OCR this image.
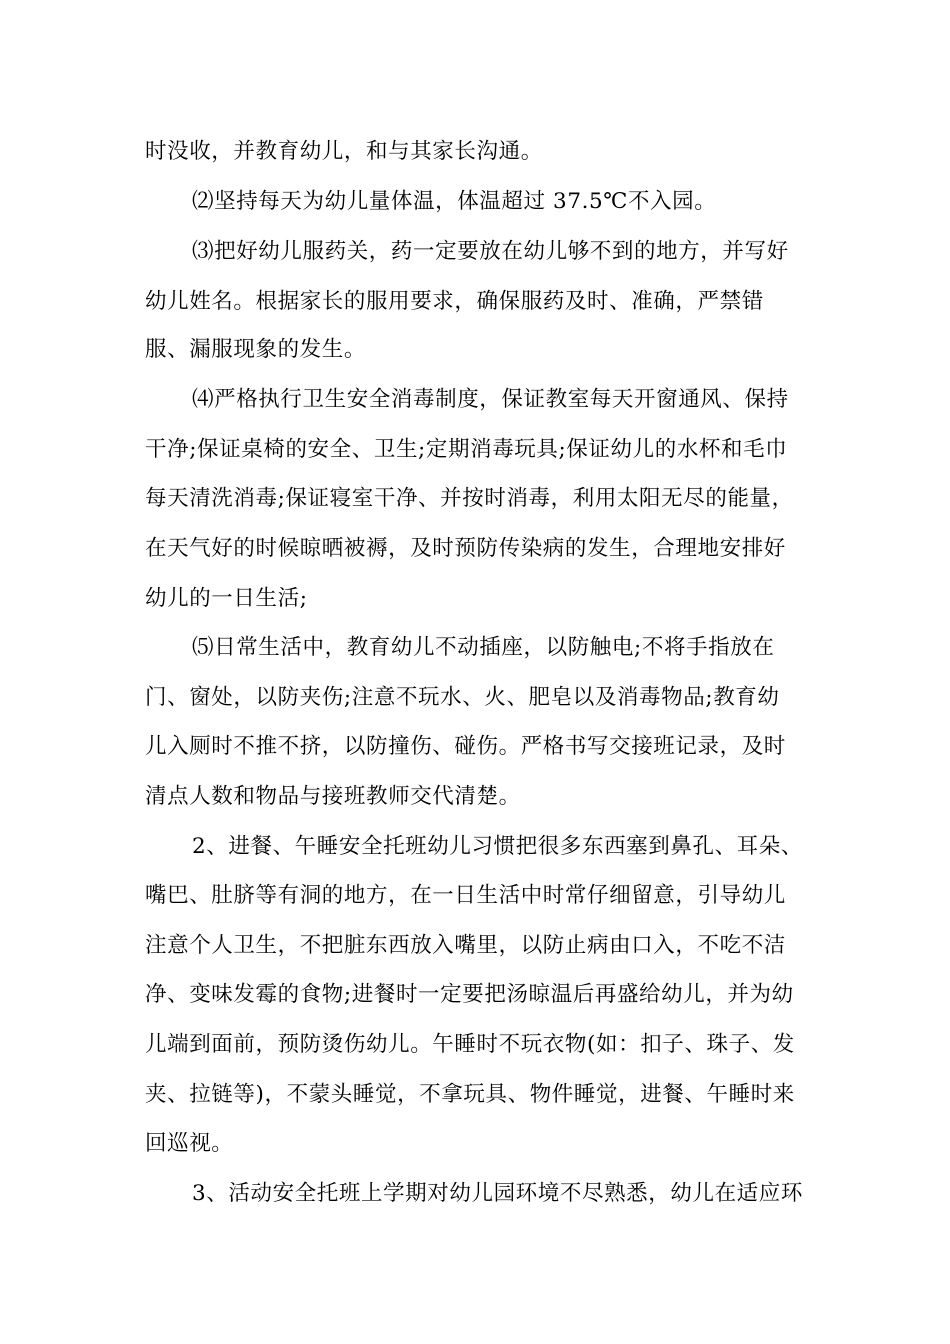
时没收，并教育幼儿，和与其家长沟通。
⑵坚持每天为幼儿量体温，体温超过 37.5℃不入园。
⑶把好幼儿服药关，药一定要放在幼儿够不到的地方，并写好
幼儿姓名。根据家长的服用要求，确保服药及时、准确，严禁错
服、漏服现象的发生。
⑷严格执行卫生安全消毒制度，保证教室每天开窗通风、保持
干净;保证桌椅的安全、卫生;定期消毒玩具;保证幼儿的水杯和毛巾
每天清洗消毒;保证寝室干净、并按时消毒，利用太阳无尽的能量，
在天气好的时候晾晒被褥，及时预防传染病的发生，合理地安排好
幼儿的一日生活;
⑸日常生活中，教育幼儿不动插座，以防触电;不将手指放在
门、窗处，以防夹伤;注意不玩水、火、肥皂以及消毒物品;教育幼
儿入厕时不推不挤，以防撞伤、碰伤。严格书写交接班记录，及时
清点人数和物品与接班教师交代清楚。
2、进餐、午睡安全托班幼儿习惯把很多东西塞到鼻孔、耳朵、
嘴巴、肚脐等有洞的地方，在一日生活中时常仔细留意，引导幼儿
注意个人卫生，不把脏东西放入嘴里，以防止病由口入，不吃不洁
净、变味发霉的食物;进餐时一定要把汤晾温后再盛给幼儿，并为幼
儿端到面前，预防烫伤幼儿。午睡时不玩衣物(如：扣子、珠子、发
夹、拉链等)，不蒙头睡觉，不拿玩具、物件睡觉，进餐、午睡时来
回巡视。
3、活动安全托班上学期对幼儿园环境不尽熟悉，幼儿在适应环
